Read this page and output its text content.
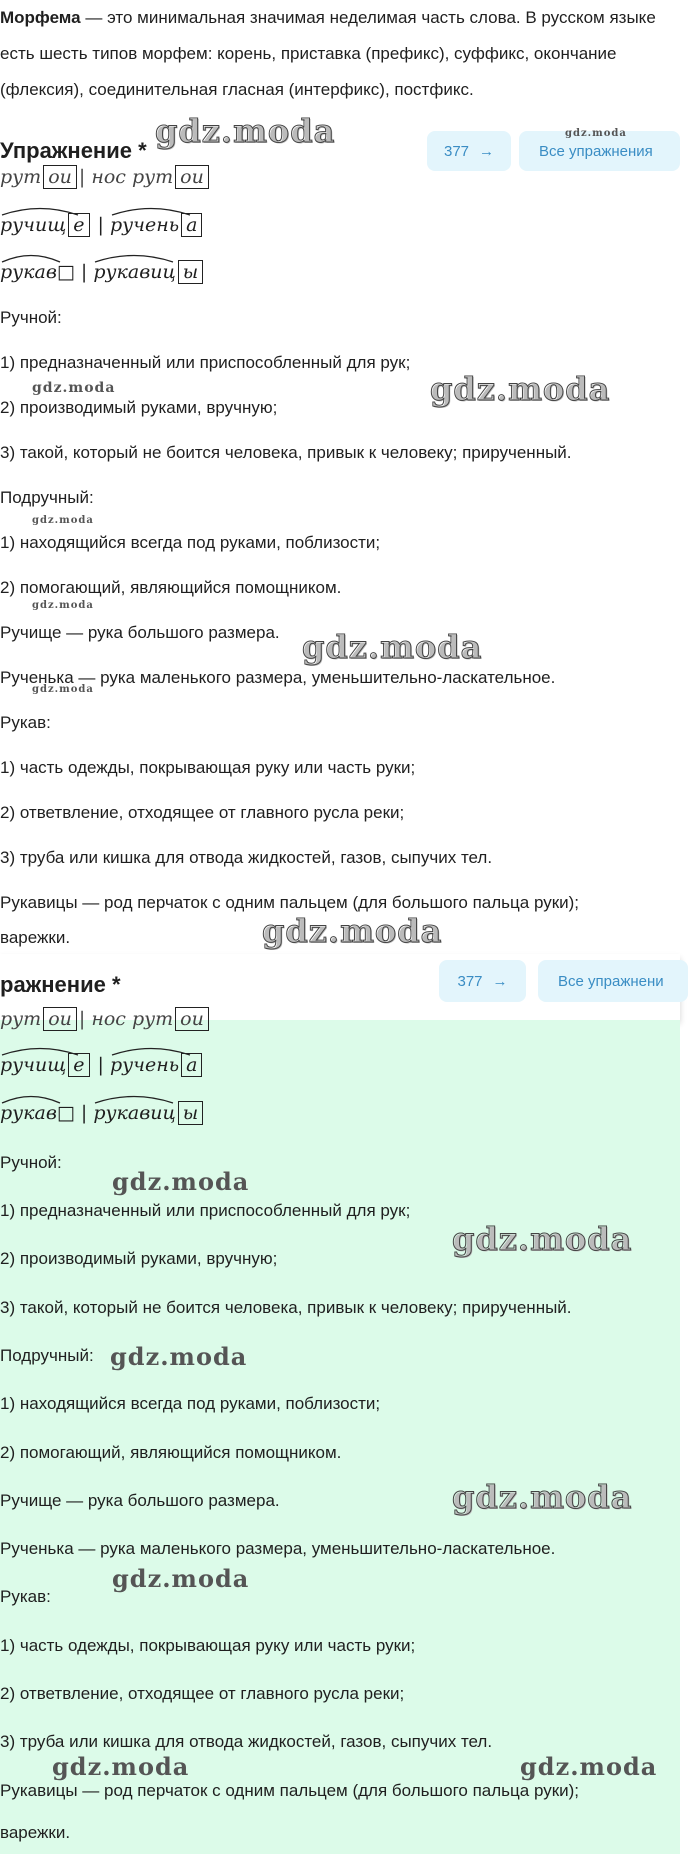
Морфема — это минимальная значимая неделимая часть слова. В русском языке есть шесть типов морфем: корень, приставка (префикс), суффикс, окончание (флексия), соединительная гласная (интерфикс), постфикс.
Упражнение *	377 →	Все упражнения
рут ои | нос рут ои
ручищ е |
ручень а
рукав□ |
рукавиц ы
Ручной:
1) предназначенный или приспособленный для рук;
2) производимый руками, вручную;
3) такой, который не боится человека, привык к человеку; прирученный.
Подручный:
1) находящийся всегда под руками, поблизости;
2) помогающий, являющийся помощником.
Ручище — рука большого размера.
Рученька — рука маленького размера, уменьшительно-ласкательное.
Рукав:
1) часть одежды, покрывающая руку или часть руки;
2) ответвление, отходящее от главного русла реки;
3) труба или кишка для отвода жидкостей, газов, сыпучих тел.
Рукавицы — род перчаток с одним пальцем (для большого пальца руки);
варежки.
gdz.moda	gdz.moda
gdz.moda
gdz.moda
gdz.moda
gdz.moda
gdz.moda
gdz.moda
gdz.moda
ражнение *	377 →	Все упражнени
рут ои | нос рут ои
ручищ е |
ручень а
рукав□ |
рукавиц ы
Ручной:
1) предназначенный или приспособленный для рук;
2) производимый руками, вручную;
3) такой, который не боится человека, привык к человеку; прирученный.
Подручный:
1) находящийся всегда под руками, поблизости;
2) помогающий, являющийся помощником.
Ручище — рука большого размера.
Рученька — рука маленького размера, уменьшительно-ласкательное.
Рукав:
1) часть одежды, покрывающая руку или часть руки;
2) ответвление, отходящее от главного русла реки;
3) труба или кишка для отвода жидкостей, газов, сыпучих тел.
Рукавицы — род перчаток с одним пальцем (для большого пальца руки);
варежки.
gdz.moda
gdz.moda
gdz.moda
gdz.moda
gdz.moda
gdz.moda	gdz.moda
